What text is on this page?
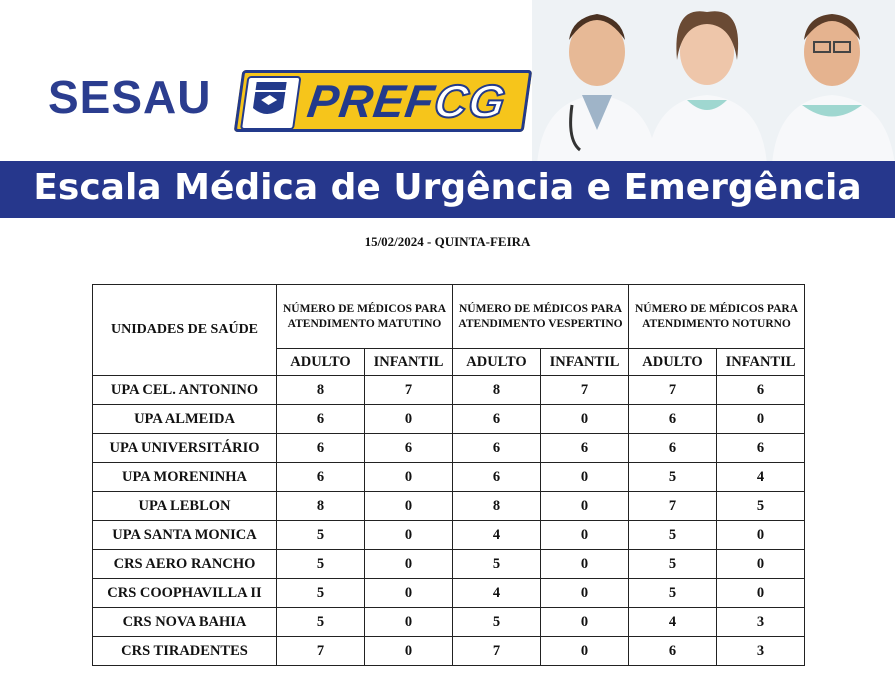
SESAU PREFCG
Escala Médica de Urgência e Emergência
15/02/2024 - QUINTA-FEIRA
UNIDADES DE SAÚDE	NÚMERO DE MÉDICOS PARA ATENDIMENTO MATUTINO		NÚMERO DE MÉDICOS PARA ATENDIMENTO VESPERTINO		NÚMERO DE MÉDICOS PARA ATENDIMENTO NOTURNO	
	ADULTO	INFANTIL	ADULTO	INFANTIL	ADULTO	INFANTIL
UPA CEL. ANTONINO	8	7	8	7	7	6
UPA ALMEIDA	6	0	6	0	6	0
UPA UNIVERSITÁRIO	6	6	6	6	6	6
UPA MORENINHA	6	0	6	0	5	4
UPA LEBLON	8	0	8	0	7	5
UPA SANTA MONICA	5	0	4	0	5	0
CRS AERO RANCHO	5	0	5	0	5	0
CRS COOPHAVILLA II	5	0	4	0	5	0
CRS NOVA BAHIA	5	0	5	0	4	3
CRS TIRADENTES	7	0	7	0	6	3
